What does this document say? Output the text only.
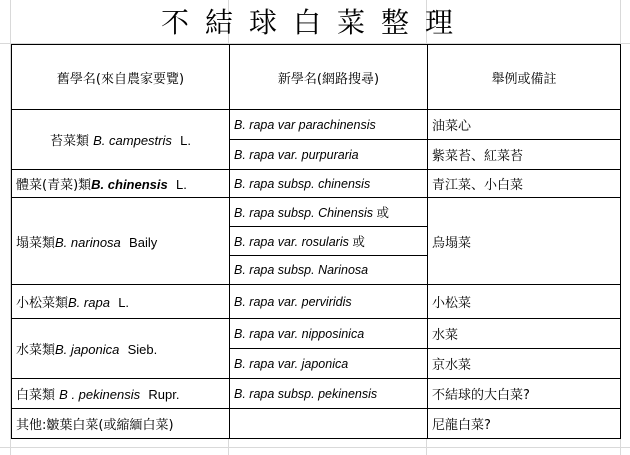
不結球白菜整理
舊學名(來自農家要覽)	新學名(網路搜尋)	舉例或備註
苔菜類 B. campestris L.	B. rapa var parachinensis	油菜心
	B. rapa var. purpuraria	紫菜苔、紅菜苔
體菜(青菜)類B. chinensis L.	B. rapa subsp. chinensis	青江菜、小白菜
塌菜類B. narinosa Baily	B. rapa subsp. Chinensis 或	烏塌菜
	B. rapa var. rosularis 或	
	B. rapa subsp. Narinosa	
小松菜類B. rapa L.	B. rapa var. perviridis	小松菜
水菜類B. japonica Sieb.	B. rapa var. nipposinica	水菜
	B. rapa var. japonica	京水菜
白菜類 B . pekinensis Rupr.	B. rapa subsp. pekinensis	不結球的大白菜?
其他:皺葉白菜(或縮緬白菜)		尼龍白菜?
